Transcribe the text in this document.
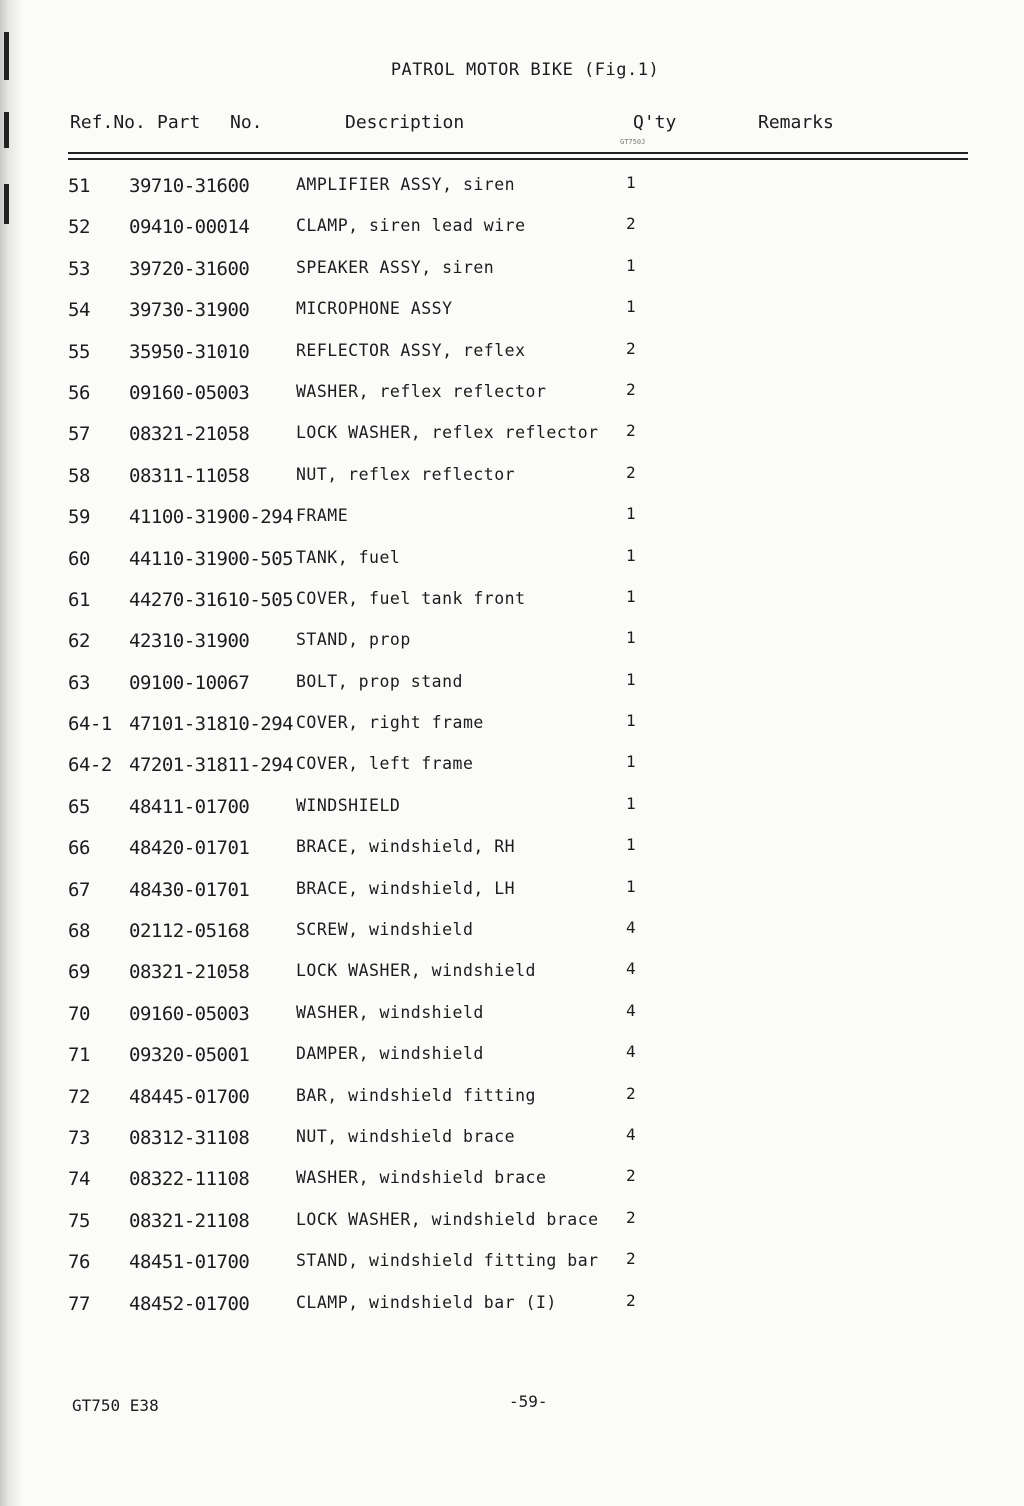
PATROL MOTOR BIKE (Fig.1)
Ref.No. Part No.	Description	Q'ty
GT750J
Remarks
51 39710-31600	AMPLIFIER ASSY, siren	1
52 09410-00014	CLAMP, siren lead wire	2
53 39720-31600	SPEAKER ASSY, siren	1
54 39730-31900	MICROPHONE ASSY	1
55 35950-31010	REFLECTOR ASSY, reflex	2
56 09160-05003	WASHER, reflex reflector	2
57 08321-21058	LOCK WASHER, reflex reflector 2
58 08311-11058	NUT, reflex reflector	2
59 41100-31900-294 FRAME	1
60 44110-31900-505 TANK, fuel	1
61 44270-31610-505 COVER, fuel tank front	1
62 42310-31900	STAND, prop	1
63 09100-10067	BOLT, prop stand	1
64-1 47101-31810-294 COVER, right frame	1
64-2 47201-31811-294 COVER, left frame	1
65 48411-01700	WINDSHIELD	1
66 48420-01701	BRACE, windshield, RH	1
67 48430-01701	BRACE, windshield, LH	1
68 02112-05168	SCREW, windshield	4
69 08321-21058	LOCK WASHER, windshield	4
70 09160-05003	WASHER, windshield	4
71 09320-05001	DAMPER, windshield	4
72 48445-01700	BAR, windshield fitting	2
73 08312-31108	NUT, windshield brace	4
74 08322-11108	WASHER, windshield brace	2
75 08321-21108	LOCK WASHER, windshield brace 2
76 48451-01700	STAND, windshield fitting bar 2
77 48452-01700	CLAMP, windshield bar (I)	2
GT750 E38	-59-
